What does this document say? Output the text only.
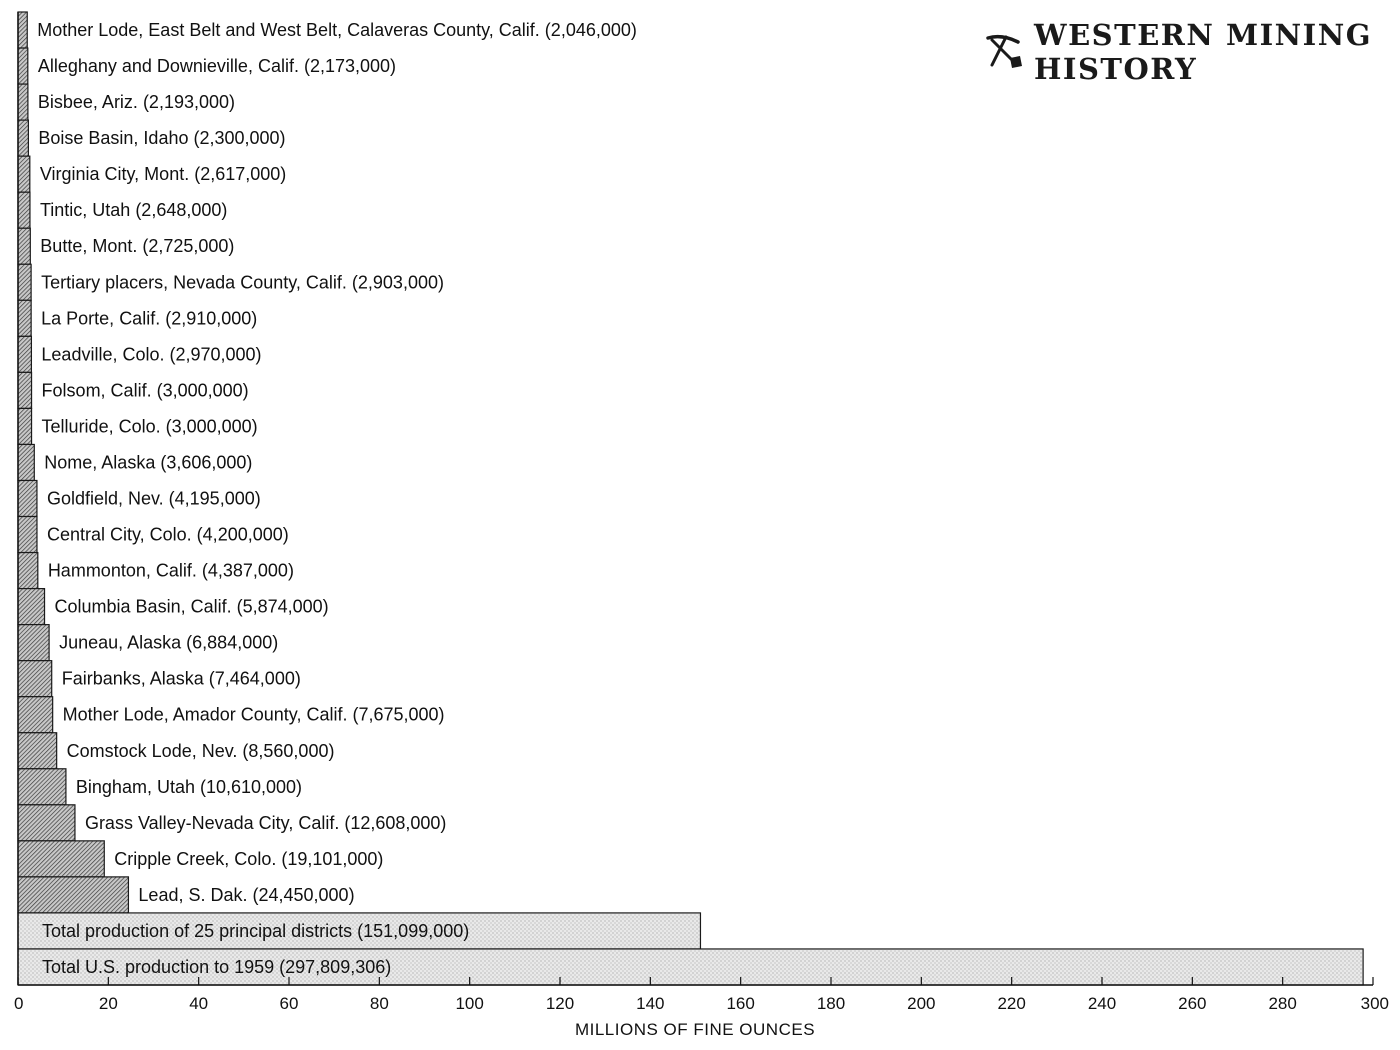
Mother Lode, East Belt and West Belt, Calaveras County, Calif. (2,046,000)
Alleghany and Downieville, Calif. (2,173,000)
Bisbee, Ariz. (2,193,000)
Boise Basin, Idaho (2,300,000)
Virginia City, Mont. (2,617,000)
Tintic, Utah (2,648,000)
Butte, Mont. (2,725,000)
Tertiary placers, Nevada County, Calif. (2,903,000)
La Porte, Calif. (2,910,000)
Leadville, Colo. (2,970,000)
Folsom, Calif. (3,000,000)
Telluride, Colo. (3,000,000)
Nome, Alaska (3,606,000)
Goldfield, Nev. (4,195,000)
Central City, Colo. (4,200,000)
Hammonton, Calif. (4,387,000)
Columbia Basin, Calif. (5,874,000)
Juneau, Alaska (6,884,000)
Fairbanks, Alaska (7,464,000)
Mother Lode, Amador County, Calif. (7,675,000)
Comstock Lode, Nev. (8,560,000)
Bingham, Utah (10,610,000)
Grass Valley-Nevada City, Calif. (12,608,000)
Cripple Creek, Colo. (19,101,000)
Lead, S. Dak. (24,450,000)
Total production of 25 principal districts (151,099,000)
Total U.S. production to 1959 (297,809,306)
0	20	40	60	80	100	120	140	160	180	200	220	240	260	280	300
MILLIONS OF FINE OUNCES
WESTERN MINING HISTORY
